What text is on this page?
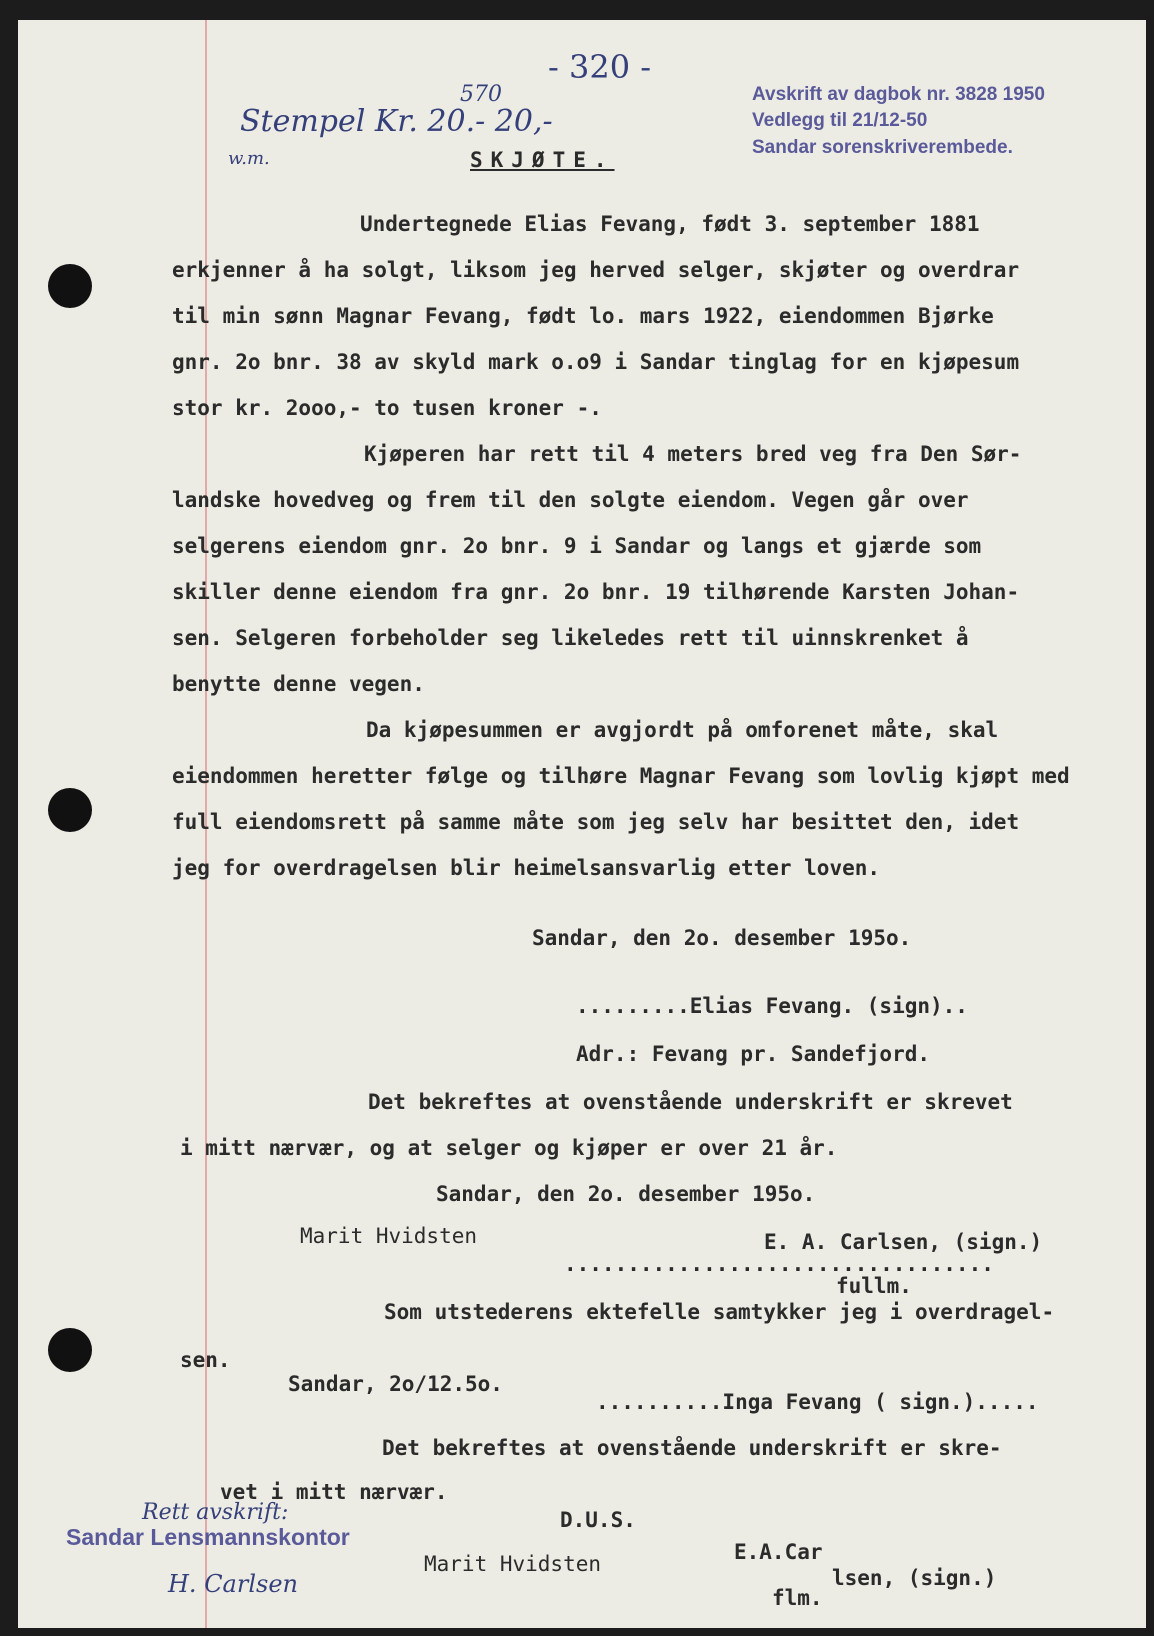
- 320 -
Avskrift av dagbok nr. 3828 1950
Vedlegg til 21/12-50
Sandar sorenskriverembede.
Stempel Kr. 20.- 20,-
570
w.m.	SKJØTE.
Undertegnede Elias Fevang, født 3. september 1881
erkjenner å ha solgt, liksom jeg herved selger, skjøter og overdrar
til min sønn Magnar Fevang, født lo. mars 1922, eiendommen Bjørke
gnr. 2o bnr. 38 av skyld mark o.o9 i Sandar tinglag for en kjøpesum
stor kr. 2ooo,- to tusen kroner -.
Kjøperen har rett til 4 meters bred veg fra Den Sør-
landske hovedveg og frem til den solgte eiendom. Vegen går over
selgerens eiendom gnr. 2o bnr. 9 i Sandar og langs et gjærde som
skiller denne eiendom fra gnr. 2o bnr. 19 tilhørende Karsten Johan-
sen. Selgeren forbeholder seg likeledes rett til uinnskrenket å
benytte denne vegen.
Da kjøpesummen er avgjordt på omforenet måte, skal
eiendommen heretter følge og tilhøre Magnar Fevang som lovlig kjøpt med
full eiendomsrett på samme måte som jeg selv har besittet den, idet
jeg for overdragelsen blir heimelsansvarlig etter loven.
Sandar, den 2o. desember 195o.
.........Elias Fevang. (sign)..
Adr.: Fevang pr. Sandefjord.
Det bekreftes at ovenstående underskrift er skrevet
i mitt nærvær, og at selger og kjøper er over 21 år.
Sandar, den 2o. desember 195o.
Marit Hvidsten	E. A. Carlsen, (sign.)
..................................
fullm.
Som utstederens ektefelle samtykker jeg i overdragel-
sen.
Sandar, 2o/12.5o.
..........Inga Fevang ( sign.).....
Det bekreftes at ovenstående underskrift er skre-
vet i mitt nærvær.
D.U.S.
Marit Hvidsten	E.A.Car
lsen, (sign.)
flm.
Rett avskrift:
Sandar Lensmannskontor
H. Carlsen
